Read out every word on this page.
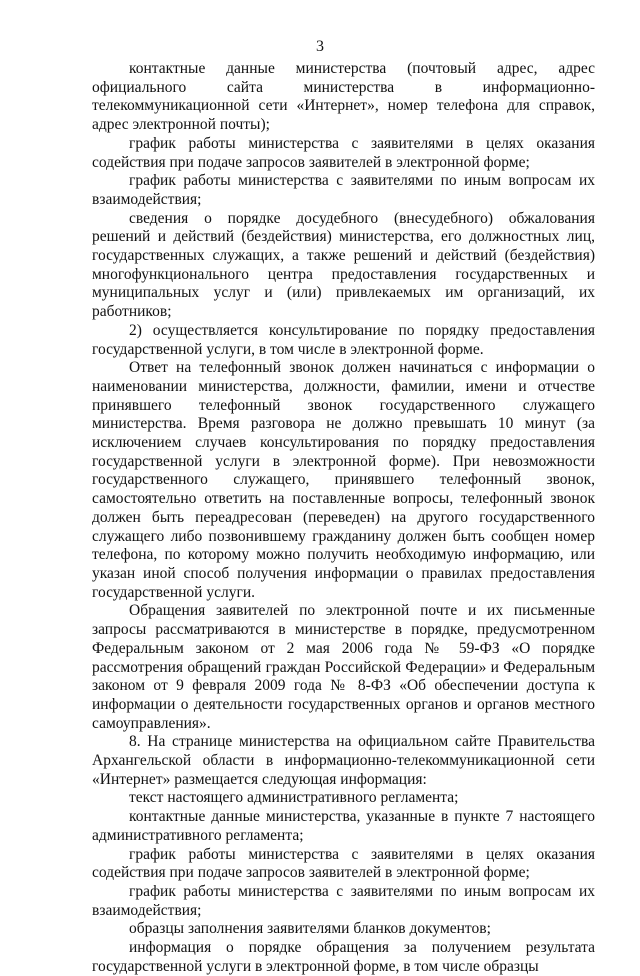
3

контактные данные министерства (почтовый адрес, адрес официального сайта министерства в информационно-телекоммуникационной сети «Интернет», номер телефона для справок, адрес электронной почты);

график работы министерства с заявителями в целях оказания содействия при подаче запросов заявителей в электронной форме;

график работы министерства с заявителями по иным вопросам их взаимодействия;

сведения о порядке досудебного (внесудебного) обжалования решений и действий (бездействия) министерства, его должностных лиц, государственных служащих, а также решений и действий (бездействия) многофункционального центра предоставления государственных и муниципальных услуг и (или) привлекаемых им организаций, их работников;

2) осуществляется консультирование по порядку предоставления государственной услуги, в том числе в электронной форме.

Ответ на телефонный звонок должен начинаться с информации о наименовании министерства, должности, фамилии, имени и отчестве принявшего телефонный звонок государственного служащего министерства. Время разговора не должно превышать 10 минут (за исключением случаев консультирования по порядку предоставления государственной услуги в электронной форме). При невозможности государственного служащего, принявшего телефонный звонок, самостоятельно ответить на поставленные вопросы, телефонный звонок должен быть переадресован (переведен) на другого государственного служащего либо позвонившему гражданину должен быть сообщен номер телефона, по которому можно получить необходимую информацию, или указан иной способ получения информации о правилах предоставления государственной услуги.

Обращения заявителей по электронной почте и их письменные запросы рассматриваются в министерстве в порядке, предусмотренном Федеральным законом от 2 мая 2006 года № 59-ФЗ «О порядке рассмотрения обращений граждан Российской Федерации» и Федеральным законом от 9 февраля 2009 года № 8-ФЗ «Об обеспечении доступа к информации о деятельности государственных органов и органов местного самоуправления».

8. На странице министерства на официальном сайте Правительства Архангельской области в информационно-телекоммуникационной сети «Интернет» размещается следующая информация:

текст настоящего административного регламента;

контактные данные министерства, указанные в пункте 7 настоящего административного регламента;

график работы министерства с заявителями в целях оказания содействия при подаче запросов заявителей в электронной форме;

график работы министерства с заявителями по иным вопросам их взаимодействия;

образцы заполнения заявителями бланков документов;

информация о порядке обращения за получением результата государственной услуги в электронной форме, в том числе образцы
